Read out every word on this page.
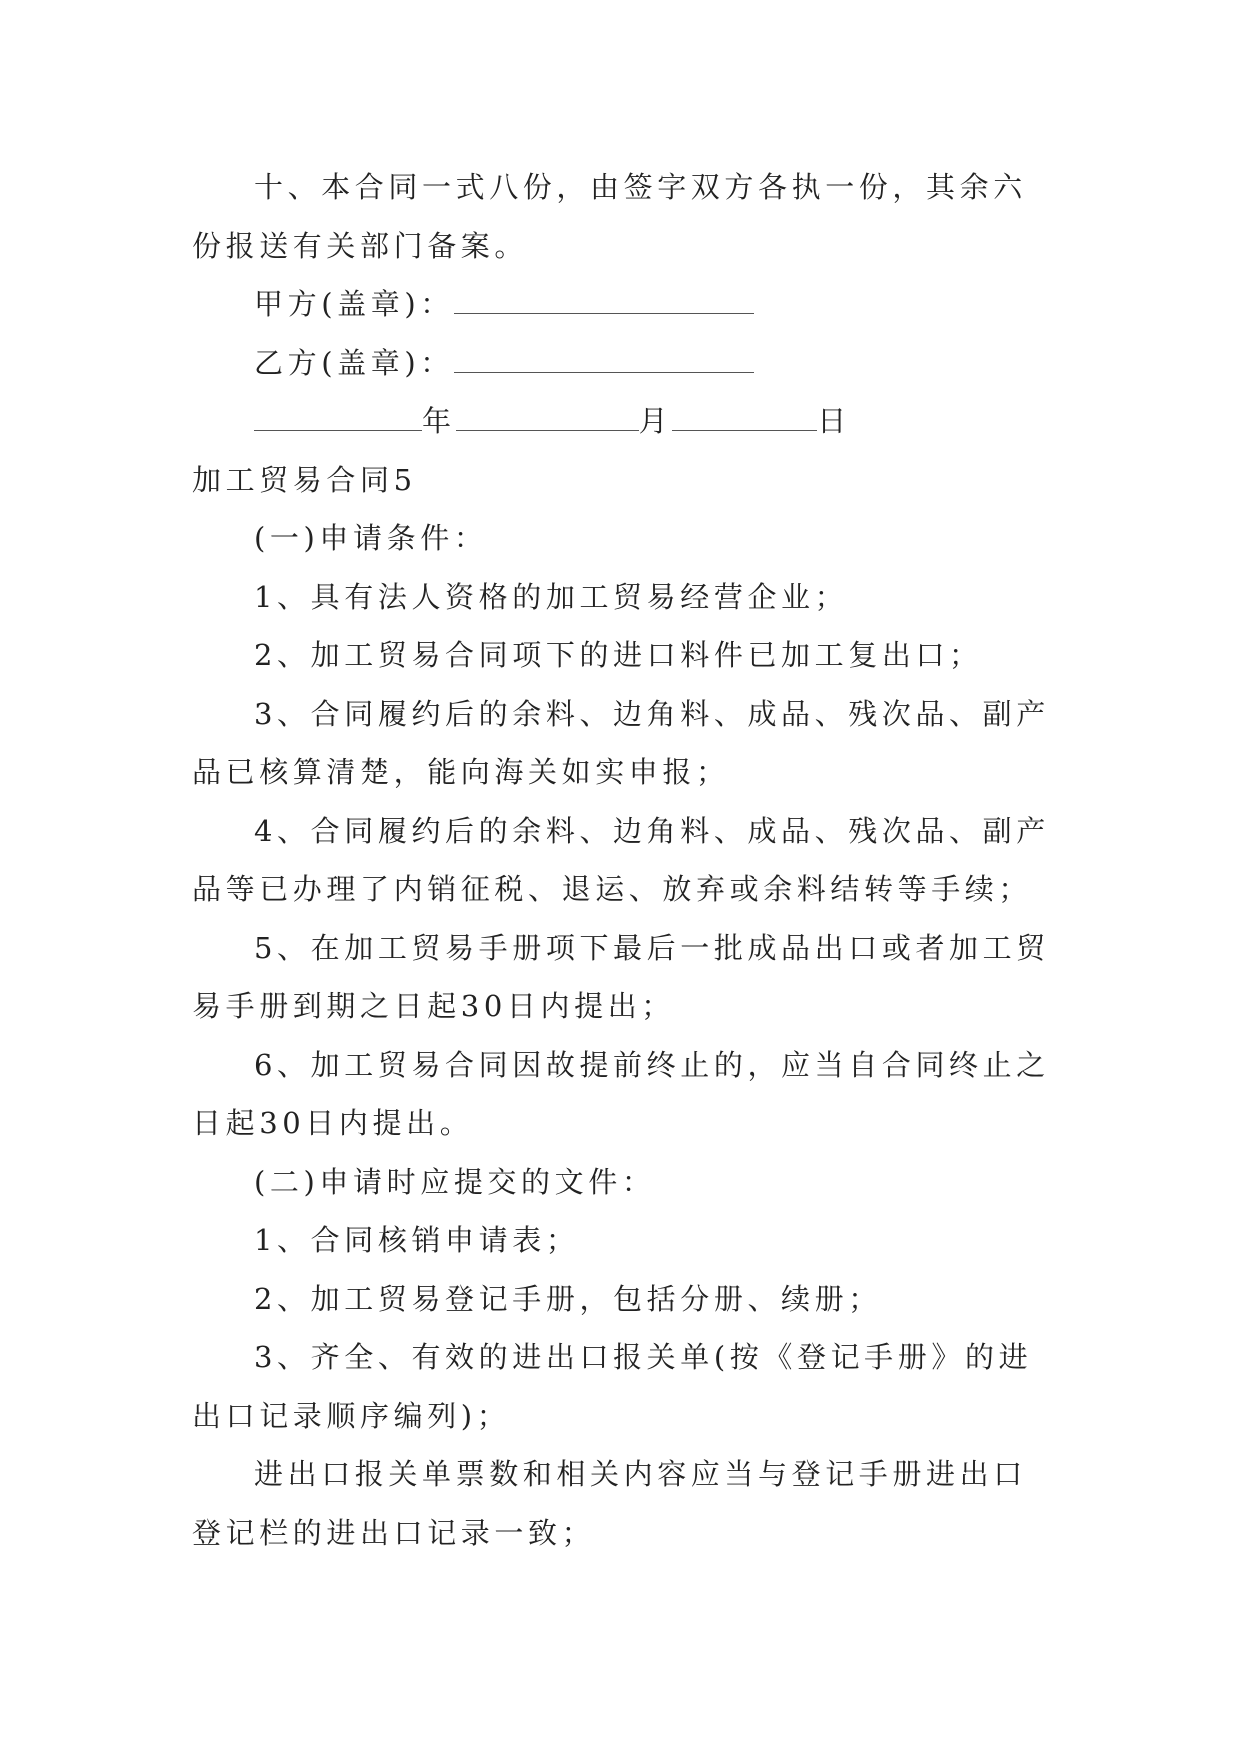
十、本合同一式八份，由签字双方各执一份，其余六份报送有关部门备案。

甲方(盖章)：

乙方(盖章)：

年	月	日

加工贸易合同5

(一)申请条件：

1、具有法人资格的加工贸易经营企业；

2、加工贸易合同项下的进口料件已加工复出口；

3、合同履约后的余料、边角料、成品、残次品、副产品已核算清楚，能向海关如实申报；

4、合同履约后的余料、边角料、成品、残次品、副产品等已办理了内销征税、退运、放弃或余料结转等手续；

5、在加工贸易手册项下最后一批成品出口或者加工贸易手册到期之日起30日内提出；

6、加工贸易合同因故提前终止的，应当自合同终止之日起30日内提出。

(二)申请时应提交的文件：

1、合同核销申请表；

2、加工贸易登记手册，包括分册、续册；

3、齐全、有效的进出口报关单(按《登记手册》的进出口记录顺序编列)；

进出口报关单票数和相关内容应当与登记手册进出口登记栏的进出口记录一致；
